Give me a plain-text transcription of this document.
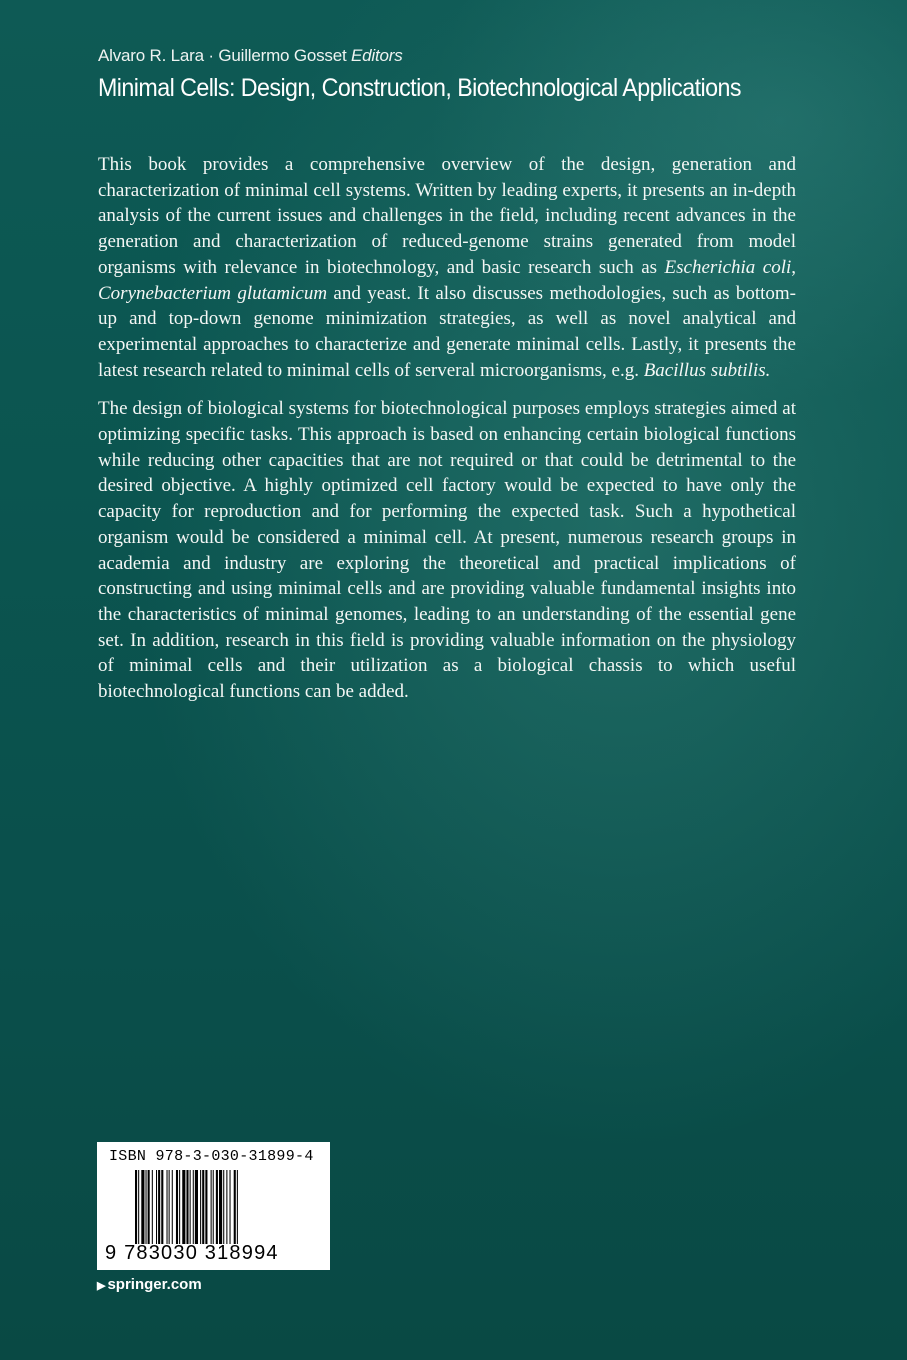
Alvaro R. Lara · Guillermo Gosset Editors
Minimal Cells: Design, Construction, Biotechnological Applications

This book provides a comprehensive overview of the design, generation and characterization of minimal cell systems. Written by leading experts, it presents an in-depth analysis of the current issues and challenges in the field, including recent advances in the generation and characterization of reduced-genome strains generated from model organisms with relevance in biotechnology, and basic research such as Escherichia coli, Corynebacterium glutamicum and yeast. It also discusses methodologies, such as bottom-up and top-down genome minimization strategies, as well as novel analytical and experimental approaches to characterize and generate minimal cells. Lastly, it presents the latest research related to minimal cells of serveral microorganisms, e.g. Bacillus subtilis.

The design of biological systems for biotechnological purposes employs strategies aimed at optimizing specific tasks. This approach is based on enhancing certain biological functions while reducing other capacities that are not required or that could be detrimental to the desired objective. A highly optimized cell factory would be expected to have only the capacity for reproduction and for performing the expected task. Such a hypothetical organism would be considered a minimal cell. At present, numerous research groups in academia and industry are exploring the theoretical and practical implications of constructing and using minimal cells and are providing valuable fundamental insights into the characteristics of minimal genomes, leading to an understanding of the essential gene set. In addition, research in this field is providing valuable information on the physiology of minimal cells and their utilization as a biological chassis to which useful biotechnological functions can be added.

ISBN 978-3-030-31899-4
9 783030 318994
▶ springer.com
